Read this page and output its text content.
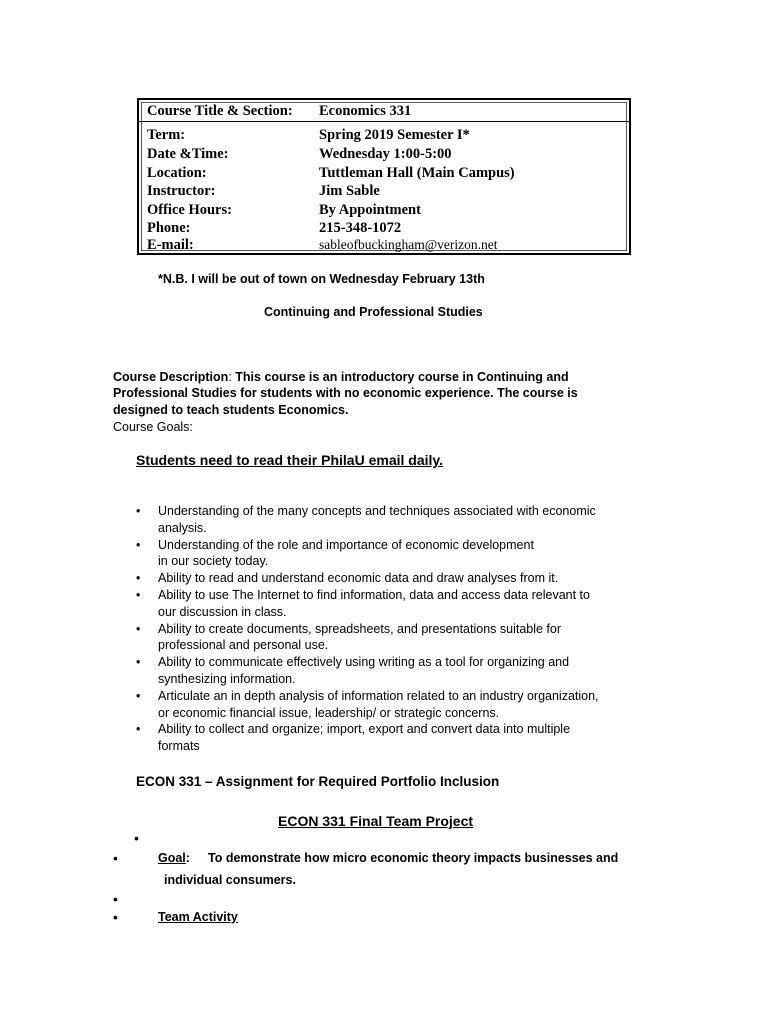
Course Title & Section: Economics 331
Term:	Spring 2019 Semester I*
Date &Time:	Wednesday 1:00-5:00
Location:	Tuttleman Hall (Main Campus)
Instructor:	Jim Sable
Office Hours:	By Appointment
Phone:	215-348-1072
E-mail:	sableofbuckingham@verizon.net
*N.B. I will be out of town on Wednesday February 13th
Continuing and Professional Studies
Course Description: This course is an introductory course in Continuing and
Professional Studies for students with no economic experience. The course is
designed to teach students Economics.
Course Goals:
Students need to read their PhilaU email daily.
• Understanding of the many concepts and techniques associated with economic
analysis.
• Understanding of the role and importance of economic development
in our society today.
• Ability to read and understand economic data and draw analyses from it.
• Ability to use The Internet to find information, data and access data relevant to
our discussion in class.
• Ability to create documents, spreadsheets, and presentations suitable for
professional and personal use.
• Ability to communicate effectively using writing as a tool for organizing and
synthesizing information.
• Articulate an in depth analysis of information related to an industry organization,
or economic financial issue, leadership/ or strategic concerns.
• Ability to collect and organize; import, export and convert data into multiple
formats
ECON 331 – Assignment for Required Portfolio Inclusion
ECON 331 Final Team Project
•
•	Goal: To demonstrate how micro economic theory impacts businesses and
individual consumers.
•
•	Team Activity
